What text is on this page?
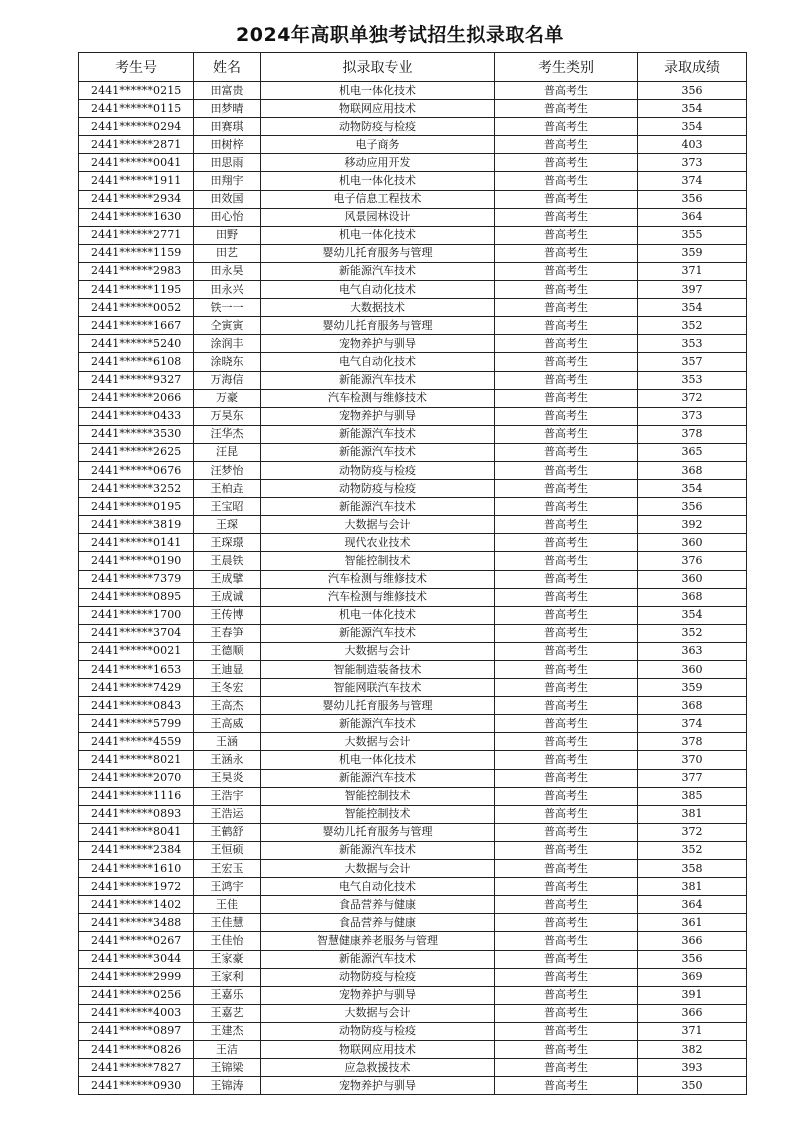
2024年高职单独考试招生拟录取名单
考生号	姓名	拟录取专业	考生类别	录取成绩
2441******0215	田富贵	机电一体化技术	普高考生	356
2441******0115	田梦晴	物联网应用技术	普高考生	354
2441******0294	田赛琪	动物防疫与检疫	普高考生	354
2441******2871	田树梓	电子商务	普高考生	403
2441******0041	田思雨	移动应用开发	普高考生	373
2441******1911	田翔宇	机电一体化技术	普高考生	374
2441******2934	田效国	电子信息工程技术	普高考生	356
2441******1630	田心怡	风景园林设计	普高考生	364
2441******2771	田野	机电一体化技术	普高考生	355
2441******1159	田艺	婴幼儿托育服务与管理	普高考生	359
2441******2983	田永昊	新能源汽车技术	普高考生	371
2441******1195	田永兴	电气自动化技术	普高考生	397
2441******0052	铁一一	大数据技术	普高考生	354
2441******1667	仝寅寅	婴幼儿托育服务与管理	普高考生	352
2441******5240	涂润丰	宠物养护与驯导	普高考生	353
2441******6108	涂晓东	电气自动化技术	普高考生	357
2441******9327	万海信	新能源汽车技术	普高考生	353
2441******2066	万豪	汽车检测与维修技术	普高考生	372
2441******0433	万昊东	宠物养护与驯导	普高考生	373
2441******3530	汪华杰	新能源汽车技术	普高考生	378
2441******2625	汪昆	新能源汽车技术	普高考生	365
2441******0676	汪梦怡	动物防疫与检疫	普高考生	368
2441******3252	王柏垚	动物防疫与检疫	普高考生	354
2441******0195	王宝昭	新能源汽车技术	普高考生	356
2441******3819	王琛	大数据与会计	普高考生	392
2441******0141	王琛璟	现代农业技术	普高考生	360
2441******0190	王晨铁	智能控制技术	普高考生	376
2441******7379	王成擘	汽车检测与维修技术	普高考生	360
2441******0895	王成诚	汽车检测与维修技术	普高考生	368
2441******1700	王传博	机电一体化技术	普高考生	354
2441******3704	王春笋	新能源汽车技术	普高考生	352
2441******0021	王德顺	大数据与会计	普高考生	363
2441******1653	王迪显	智能制造装备技术	普高考生	360
2441******7429	王冬宏	智能网联汽车技术	普高考生	359
2441******0843	王高杰	婴幼儿托育服务与管理	普高考生	368
2441******5799	王高威	新能源汽车技术	普高考生	374
2441******4559	王涵	大数据与会计	普高考生	378
2441******8021	王涵永	机电一体化技术	普高考生	370
2441******2070	王昊炎	新能源汽车技术	普高考生	377
2441******1116	王浩宇	智能控制技术	普高考生	385
2441******0893	王浩运	智能控制技术	普高考生	381
2441******8041	王鹤舒	婴幼儿托育服务与管理	普高考生	372
2441******2384	王恒硕	新能源汽车技术	普高考生	352
2441******1610	王宏玉	大数据与会计	普高考生	358
2441******1972	王鸿宇	电气自动化技术	普高考生	381
2441******1402	王佳	食品营养与健康	普高考生	364
2441******3488	王佳慧	食品营养与健康	普高考生	361
2441******0267	王佳怡	智慧健康养老服务与管理	普高考生	366
2441******3044	王家豪	新能源汽车技术	普高考生	356
2441******2999	王家利	动物防疫与检疫	普高考生	369
2441******0256	王嘉乐	宠物养护与驯导	普高考生	391
2441******4003	王嘉艺	大数据与会计	普高考生	366
2441******0897	王建杰	动物防疫与检疫	普高考生	371
2441******0826	王洁	物联网应用技术	普高考生	382
2441******7827	王锦梁	应急救援技术	普高考生	393
2441******0930	王锦涛	宠物养护与驯导	普高考生	350
